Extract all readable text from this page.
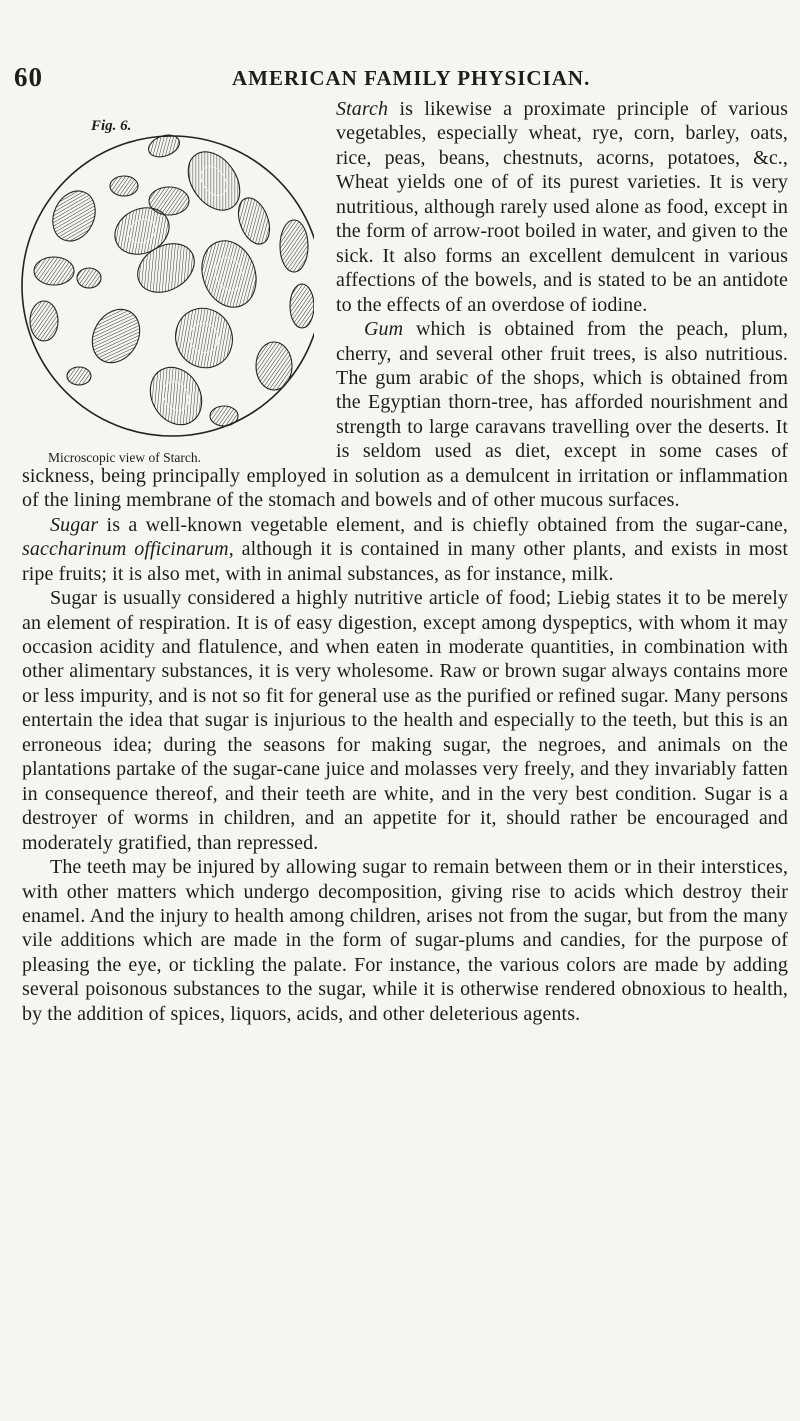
60	AMERICAN FAMILY PHYSICIAN.
Fig. 6.
Microscopic view of Starch.

Starch is likewise a proximate principle of various vegetables, especially wheat, rye, corn, barley, oats, rice, peas, beans, chestnuts, acorns, potatoes, &c., Wheat yields one of of its purest varieties. It is very nutritious, although rarely used alone as food, except in the form of arrow-root boiled in water, and given to the sick. It also forms an excellent demulcent in various affections of the bowels, and is stated to be an antidote to the effects of an overdose of iodine.

Gum which is obtained from the peach, plum, cherry, and several other fruit trees, is also nutritious. The gum arabic of the shops, which is obtained from the Egyptian thorn-tree, has afforded nourishment and strength to large caravans travelling over the deserts. It is seldom used as diet, except in some cases of sickness, being principally employed in solution as a demulcent in irritation or inflammation of the lining membrane of the stomach and bowels and of other mucous surfaces.

Sugar is a well-known vegetable element, and is chiefly obtained from the sugar-cane, saccharinum officinarum, although it is contained in many other plants, and exists in most ripe fruits; it is also met, with in animal substances, as for instance, milk.

Sugar is usually considered a highly nutritive article of food; Liebig states it to be merely an element of respiration. It is of easy digestion, except among dyspeptics, with whom it may occasion acidity and flatulence, and when eaten in moderate quantities, in combination with other alimentary substances, it is very wholesome. Raw or brown sugar always contains more or less impurity, and is not so fit for general use as the purified or refined sugar. Many persons entertain the idea that sugar is injurious to the health and especially to the teeth, but this is an erroneous idea; during the seasons for making sugar, the negroes, and animals on the plantations partake of the sugar-cane juice and molasses very freely, and they invariably fatten in consequence thereof, and their teeth are white, and in the very best condition. Sugar is a destroyer of worms in children, and an appetite for it, should rather be encouraged and moderately gratified, than repressed.

The teeth may be injured by allowing sugar to remain between them or in their interstices, with other matters which undergo decomposition, giving rise to acids which destroy their enamel. And the injury to health among children, arises not from the sugar, but from the many vile additions which are made in the form of sugar-plums and candies, for the purpose of pleasing the eye, or tickling the palate. For instance, the various colors are made by adding several poisonous substances to the sugar, while it is otherwise rendered obnoxious to health, by the addition of spices, liquors, acids, and other deleterious agents.
